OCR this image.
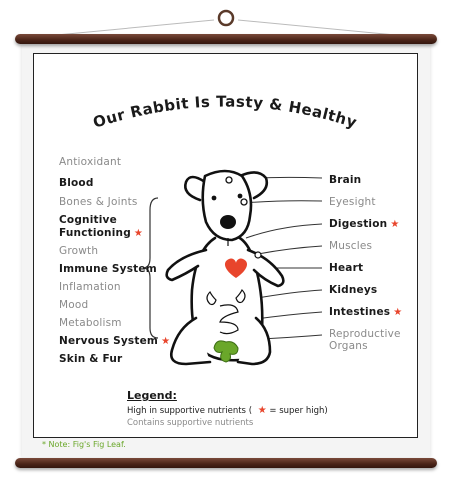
Our Rabbit Is Tasty & Healthy
Antioxidant
Blood
Bones & Joints
Cognitive
Functioning ★
Growth
Immune System
Inflamation
Mood
Metabolism
Nervous System ★
Skin & Fur
Brain
Eyesight
Digestion ★
Muscles
Heart
Kidneys
Intestines ★
Reproductive
Organs
Legend:
High in supportive nutrients ( ★ = super high)
Contains supportive nutrients
* Note: Fig's Fig Leaf.
